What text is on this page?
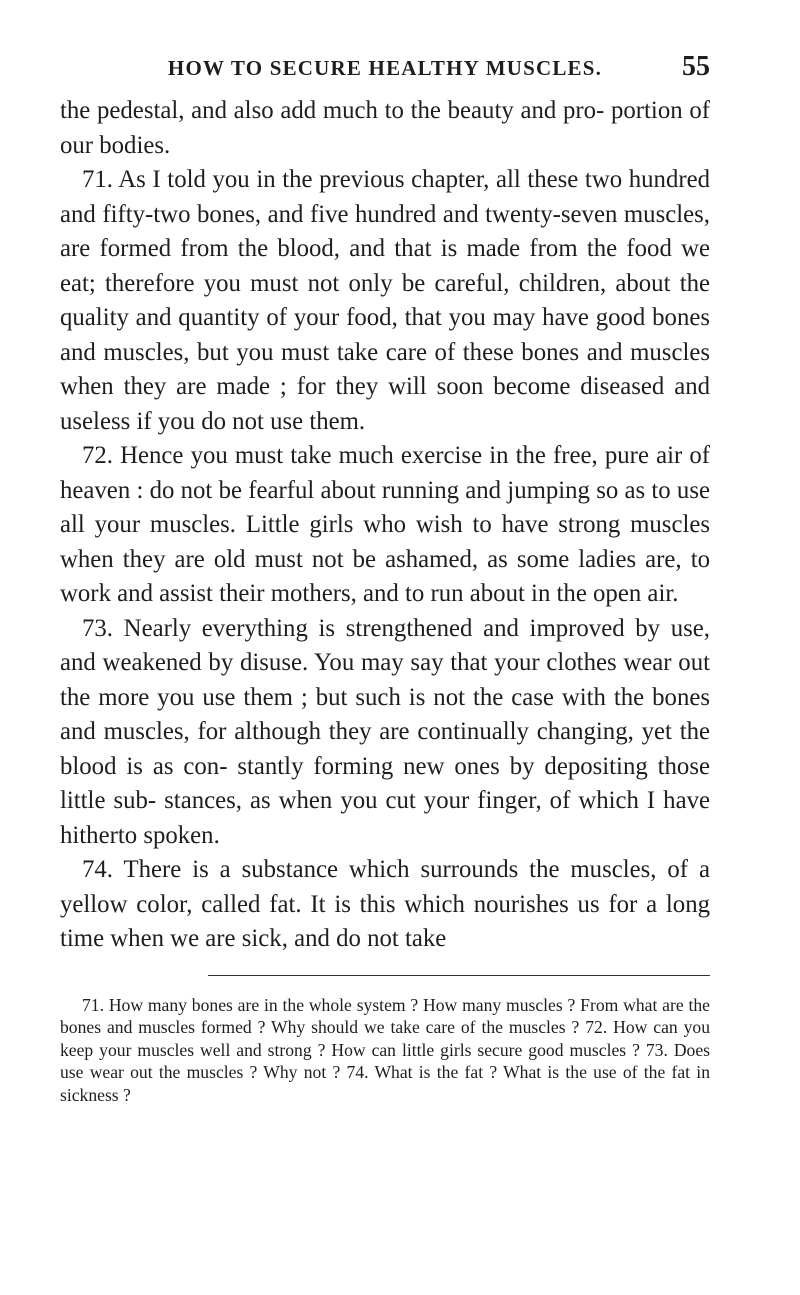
HOW TO SECURE HEALTHY MUSCLES.	55

the pedestal, and also add much to the beauty and pro- portion of our bodies.

71. As I told you in the previous chapter, all these two hundred and fifty-two bones, and five hundred and twenty-seven muscles, are formed from the blood, and that is made from the food we eat; therefore you must not only be careful, children, about the quality and quantity of your food, that you may have good bones and muscles, but you must take care of these bones and muscles when they are made ; for they will soon become diseased and useless if you do not use them.

72. Hence you must take much exercise in the free, pure air of heaven : do not be fearful about running and jumping so as to use all your muscles. Little girls who wish to have strong muscles when they are old must not be ashamed, as some ladies are, to work and assist their mothers, and to run about in the open air.

73. Nearly everything is strengthened and improved by use, and weakened by disuse. You may say that your clothes wear out the more you use them ; but such is not the case with the bones and muscles, for although they are continually changing, yet the blood is as con- stantly forming new ones by depositing those little sub- stances, as when you cut your finger, of which I have hitherto spoken.

74. There is a substance which surrounds the muscles, of a yellow color, called fat. It is this which nourishes us for a long time when we are sick, and do not take

71. How many bones are in the whole system ? How many muscles ? From what are the bones and muscles formed ? Why should we take care of the muscles ? 72. How can you keep your muscles well and strong ? How can little girls secure good muscles ? 73. Does use wear out the muscles ? Why not ? 74. What is the fat ? What is the use of the fat in sickness ?
